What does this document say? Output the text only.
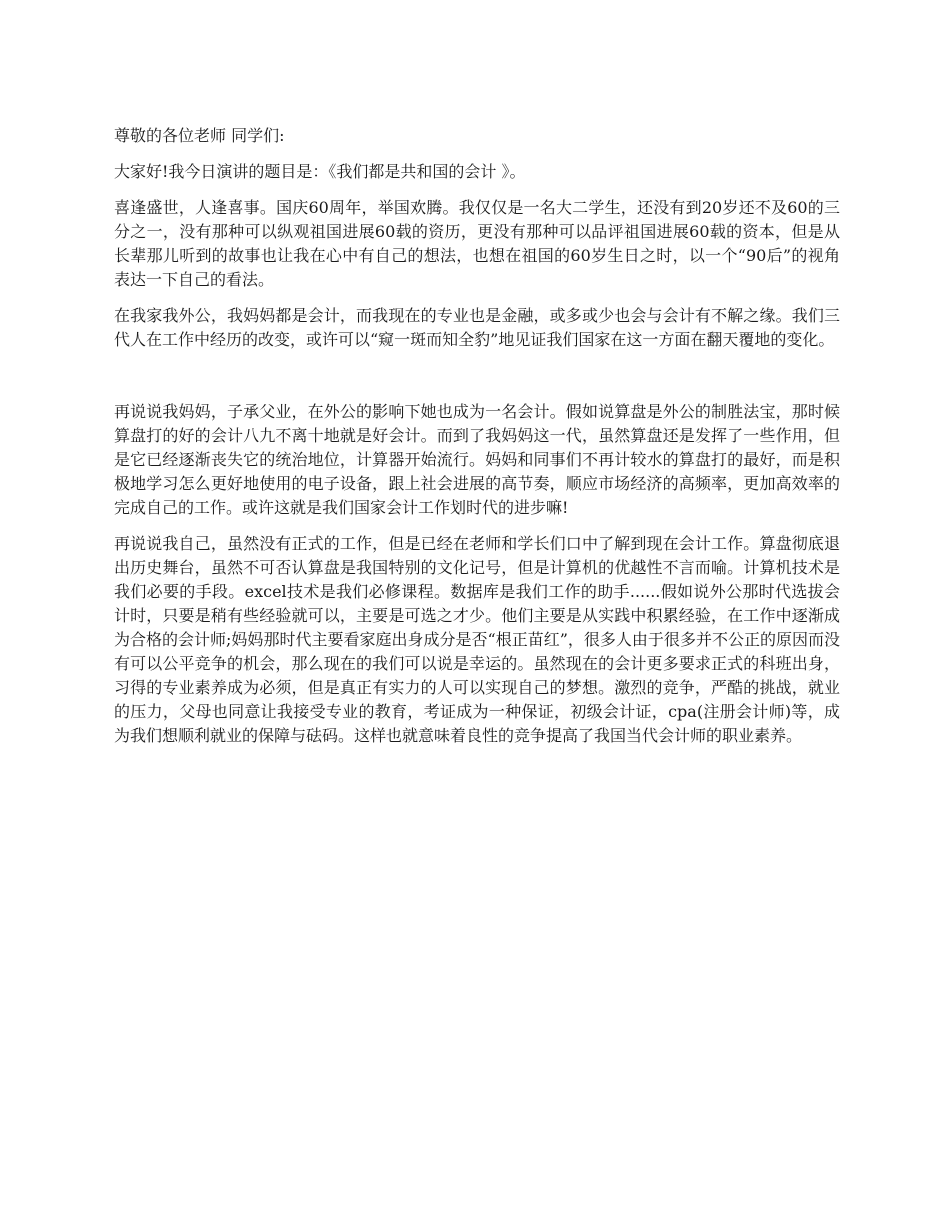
尊敬的各位老师 同学们:

大家好!我今日演讲的题目是：《我们都是共和国的会计 》。

喜逢盛世，人逢喜事。国庆60周年，举国欢腾。我仅仅是一名大二学生，还没有到20岁还不及60的三分之一，没有那种可以纵观祖国进展60载的资历，更没有那种可以品评祖国进展60载的资本，但是从长辈那儿听到的故事也让我在心中有自己的想法，也想在祖国的60岁生日之时，以一个“90后”的视角表达一下自己的看法。

在我家我外公，我妈妈都是会计，而我现在的专业也是金融，或多或少也会与会计有不解之缘。我们三代人在工作中经历的改变，或许可以“窥一斑而知全豹”地见证我们国家在这一方面在翻天覆地的变化。

再说说我妈妈，子承父业，在外公的影响下她也成为一名会计。假如说算盘是外公的制胜法宝，那时候算盘打的好的会计八九不离十地就是好会计。而到了我妈妈这一代，虽然算盘还是发挥了一些作用，但是它已经逐渐丧失它的统治地位，计算器开始流行。妈妈和同事们不再计较水的算盘打的最好，而是积极地学习怎么更好地使用的电子设备，跟上社会进展的高节奏，顺应市场经济的高频率，更加高效率的完成自己的工作。或许这就是我们国家会计工作划时代的进步嘛!

再说说我自己，虽然没有正式的工作，但是已经在老师和学长们口中了解到现在会计工作。算盘彻底退出历史舞台，虽然不可否认算盘是我国特别的文化记号，但是计算机的优越性不言而喻。计算机技术是我们必要的手段。excel技术是我们必修课程。数据库是我们工作的助手......假如说外公那时代选拔会计时，只要是稍有些经验就可以，主要是可选之才少。他们主要是从实践中积累经验，在工作中逐渐成为合格的会计师;妈妈那时代主要看家庭出身成分是否“根正苗红”，很多人由于很多并不公正的原因而没有可以公平竞争的机会，那么现在的我们可以说是幸运的。虽然现在的会计更多要求正式的科班出身，习得的专业素养成为必须，但是真正有实力的人可以实现自己的梦想。激烈的竞争，严酷的挑战，就业的压力，父母也同意让我接受专业的教育，考证成为一种保证，初级会计证，cpa(注册会计师)等，成为我们想顺利就业的保障与砝码。这样也就意味着良性的竞争提高了我国当代会计师的职业素养。
